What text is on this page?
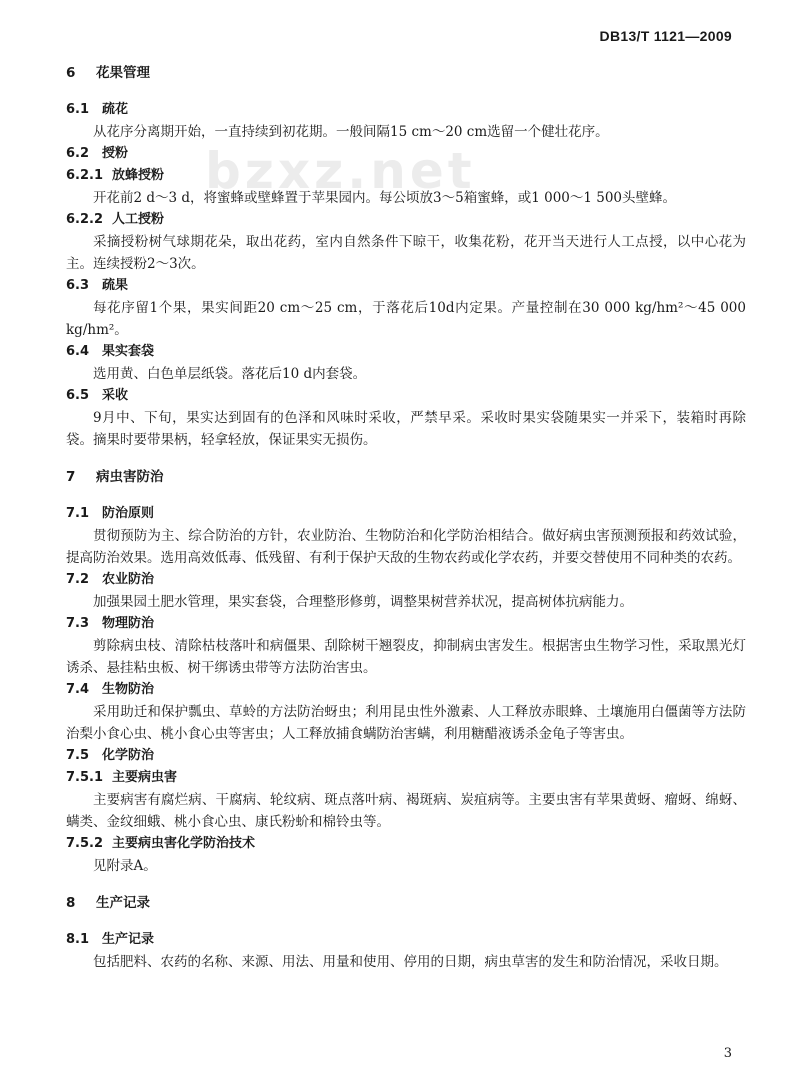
DB13/T 1121—2009
bzxz.net
6 花果管理
6.1 疏花

从花序分离期开始，一直持续到初花期。一般间隔15 cm～20 cm选留一个健壮花序。

6.2 授粉
6.2.1 放蜂授粉

开花前2 d～3 d，将蜜蜂或壁蜂置于苹果园内。每公顷放3～5箱蜜蜂，或1 000～1 500头壁蜂。

6.2.2 人工授粉

采摘授粉树气球期花朵，取出花药，室内自然条件下晾干，收集花粉，花开当天进行人工点授，以中心花为主。连续授粉2～3次。

6.3 疏果

每花序留1个果，果实间距20 cm～25 cm，于落花后10d内定果。产量控制在30 000 kg/hm²～45 000 kg/hm²。

6.4 果实套袋

选用黄、白色单层纸袋。落花后10 d内套袋。

6.5 采收

9月中、下旬，果实达到固有的色泽和风味时采收，严禁早采。采收时果实袋随果实一并采下，装箱时再除袋。摘果时要带果柄，轻拿轻放，保证果实无损伤。

7 病虫害防治
7.1 防治原则

贯彻预防为主、综合防治的方针，农业防治、生物防治和化学防治相结合。做好病虫害预测预报和药效试验，提高防治效果。选用高效低毒、低残留、有利于保护天敌的生物农药或化学农药，并要交替使用不同种类的农药。

7.2 农业防治

加强果园土肥水管理，果实套袋，合理整形修剪，调整果树营养状况，提高树体抗病能力。

7.3 物理防治

剪除病虫枝、清除枯枝落叶和病僵果、刮除树干翘裂皮，抑制病虫害发生。根据害虫生物学习性，采取黑光灯诱杀、悬挂粘虫板、树干绑诱虫带等方法防治害虫。

7.4 生物防治

采用助迁和保护瓢虫、草蛉的方法防治蚜虫；利用昆虫性外激素、人工释放赤眼蜂、土壤施用白僵菌等方法防治梨小食心虫、桃小食心虫等害虫；人工释放捕食螨防治害螨，利用糖醋液诱杀金龟子等害虫。

7.5 化学防治
7.5.1 主要病虫害

主要病害有腐烂病、干腐病、轮纹病、斑点落叶病、褐斑病、炭疽病等。主要虫害有苹果黄蚜、瘤蚜、绵蚜、螨类、金纹细蛾、桃小食心虫、康氏粉蚧和棉铃虫等。

7.5.2 主要病虫害化学防治技术

见附录A。

8 生产记录
8.1 生产记录

包括肥料、农药的名称、来源、用法、用量和使用、停用的日期，病虫草害的发生和防治情况，采收日期。

3
